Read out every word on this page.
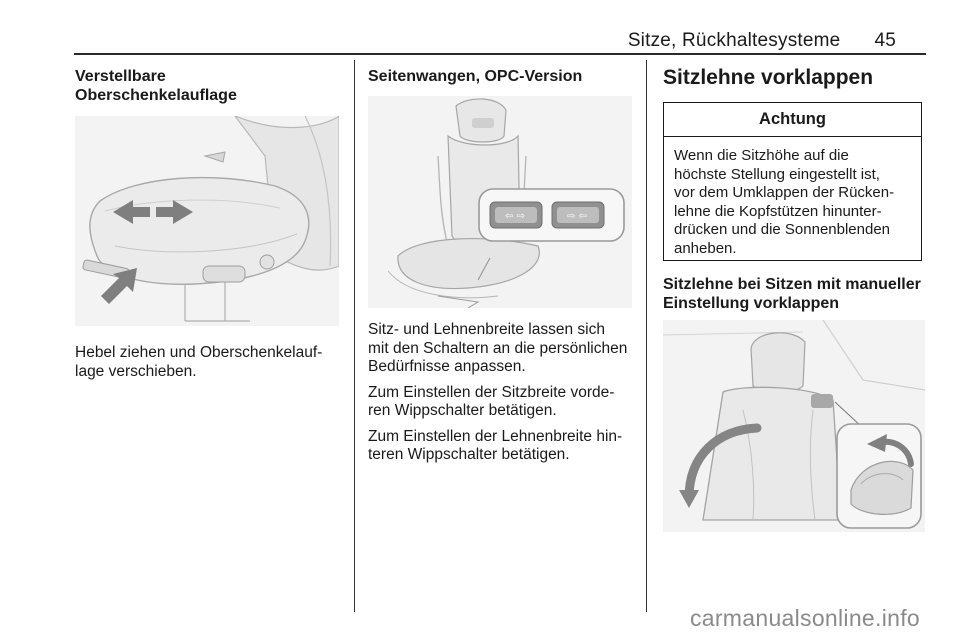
Sitze, Rückhaltesysteme 45
Verstellbare
Oberschenkelauflage
Hebel ziehen und Oberschenkelauf-
lage verschieben.
Seitenwangen, OPC-Version
⇦ ⇨	⇨ ⇦
Sitz- und Lehnenbreite lassen sich
mit den Schaltern an die persönlichen
Bedürfnisse anpassen.
Zum Einstellen der Sitzbreite vorde-
ren Wippschalter betätigen.
Zum Einstellen der Lehnenbreite hin-
teren Wippschalter betätigen.
Sitzlehne vorklappen
Achtung
Wenn die Sitzhöhe auf die
höchste Stellung eingestellt ist,
vor dem Umklappen der Rücken-
lehne die Kopfstützen hinunter-
drücken und die Sonnenblenden
anheben.
Sitzlehne bei Sitzen mit manueller
Einstellung vorklappen
carmanualsonline.info
